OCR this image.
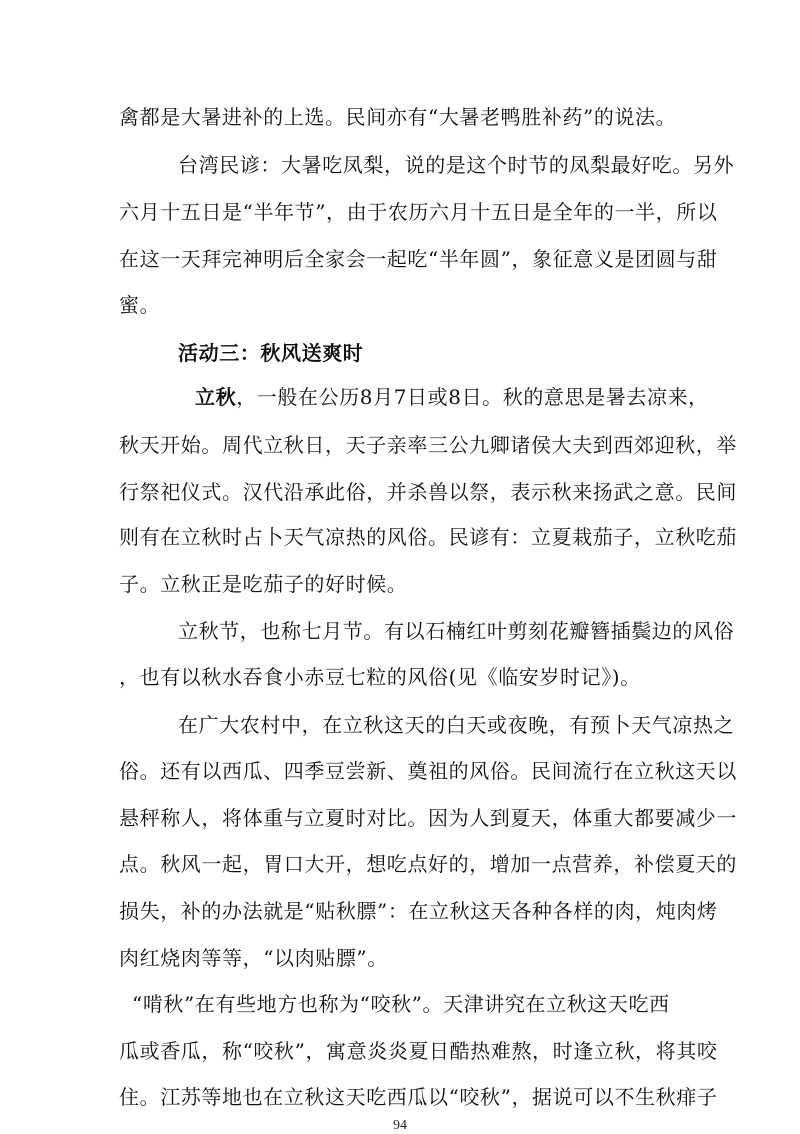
禽都是大暑进补的上选。民间亦有“大暑老鸭胜补药”的说法。

台湾民谚：大暑吃凤梨，说的是这个时节的凤梨最好吃。另外

六月十五日是“半年节”，由于农历六月十五日是全年的一半，所以

在这一天拜完神明后全家会一起吃“半年圆”，象征意义是团圆与甜

蜜。

活动三：秋风送爽时

立秋，一般在公历8月7日或8日。秋的意思是暑去凉来，

秋天开始。周代立秋日，天子亲率三公九卿诸侯大夫到西郊迎秋，举

行祭祀仪式。汉代沿承此俗，并杀兽以祭，表示秋来扬武之意。民间

则有在立秋时占卜天气凉热的风俗。民谚有：立夏栽茄子，立秋吃茄

子。立秋正是吃茄子的好时候。

立秋节，也称七月节。有以石楠红叶剪刻花瓣簪插鬓边的风俗

，也有以秋水吞食小赤豆七粒的风俗(见《临安岁时记》)。

在广大农村中，在立秋这天的白天或夜晚，有预卜天气凉热之

俗。还有以西瓜、四季豆尝新、奠祖的风俗。民间流行在立秋这天以

悬秤称人，将体重与立夏时对比。因为人到夏天，体重大都要减少一

点。秋风一起，胃口大开，想吃点好的，增加一点营养，补偿夏天的

损失，补的办法就是“贴秋膘”：在立秋这天各种各样的肉，炖肉烤

肉红烧肉等等，“以肉贴膘”。

“啃秋”在有些地方也称为“咬秋”。天津讲究在立秋这天吃西

瓜或香瓜，称“咬秋”，寓意炎炎夏日酷热难熬，时逢立秋，将其咬

住。江苏等地也在立秋这天吃西瓜以“咬秋”，据说可以不生秋痱子

94
